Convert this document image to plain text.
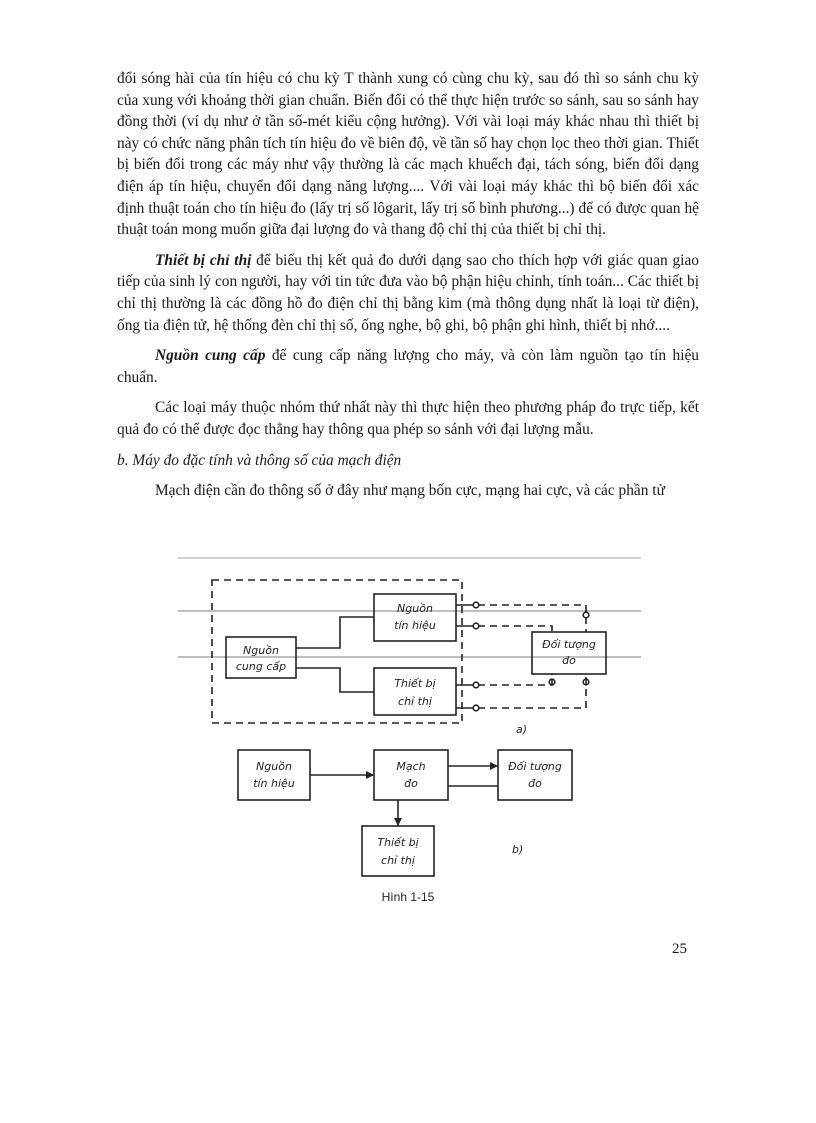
đổi sóng hài của tín hiệu có chu kỳ T thành xung có cùng chu kỳ, sau đó thì so sánh chu kỳ của xung với khoảng thời gian chuẩn. Biến đổi có thể thực hiện trước so sánh, sau so sánh hay đồng thời (ví dụ như ở tần số-mét kiểu cộng hưởng). Với vài loại máy khác nhau thì thiết bị này có chức năng phân tích tín hiệu đo về biên độ, về tần số hay chọn lọc theo thời gian. Thiết bị biến đổi trong các máy như vậy thường là các mạch khuếch đại, tách sóng, biến đổi dạng điện áp tín hiệu, chuyển đổi dạng năng lượng.... Với vài loại máy khác thì bộ biến đổi xác định thuật toán cho tín hiệu đo (lấy trị số lôgarit, lấy trị số bình phương...) để có được quan hệ thuật toán mong muốn giữa đại lượng đo và thang độ chỉ thị của thiết bị chỉ thị.

Thiết bị chỉ thị để biểu thị kết quả đo dưới dạng sao cho thích hợp với giác quan giao tiếp của sinh lý con người, hay với tin tức đưa vào bộ phận hiệu chỉnh, tính toán... Các thiết bị chỉ thị thường là các đồng hồ đo điện chỉ thị bằng kim (mà thông dụng nhất là loại từ điện), ống tia điện tử, hệ thống đèn chỉ thị số, ống nghe, bộ ghi, bộ phận ghi hình, thiết bị nhớ....

Nguồn cung cấp để cung cấp năng lượng cho máy, và còn làm nguồn tạo tín hiệu chuẩn.

Các loại máy thuộc nhóm thứ nhất này thì thực hiện theo phương pháp đo trực tiếp, kết quả đo có thể được đọc thẳng hay thông qua phép so sánh với đại lượng mẫu.

b. Máy đo đặc tính và thông số của mạch điện

Mạch điện cần đo thông số ở đây như mạng bốn cực, mạng hai cực, và các phần tử

Nguồn
tín hiệu
Nguồn
cung cấp
Đối tượng
đo
Thiết bị
chỉ thị
a)
Nguồn
tín hiệu
Mạch
đo
Đối tượng
đo
Thiết bị
chỉ thị
b)
Hình 1-15
25
